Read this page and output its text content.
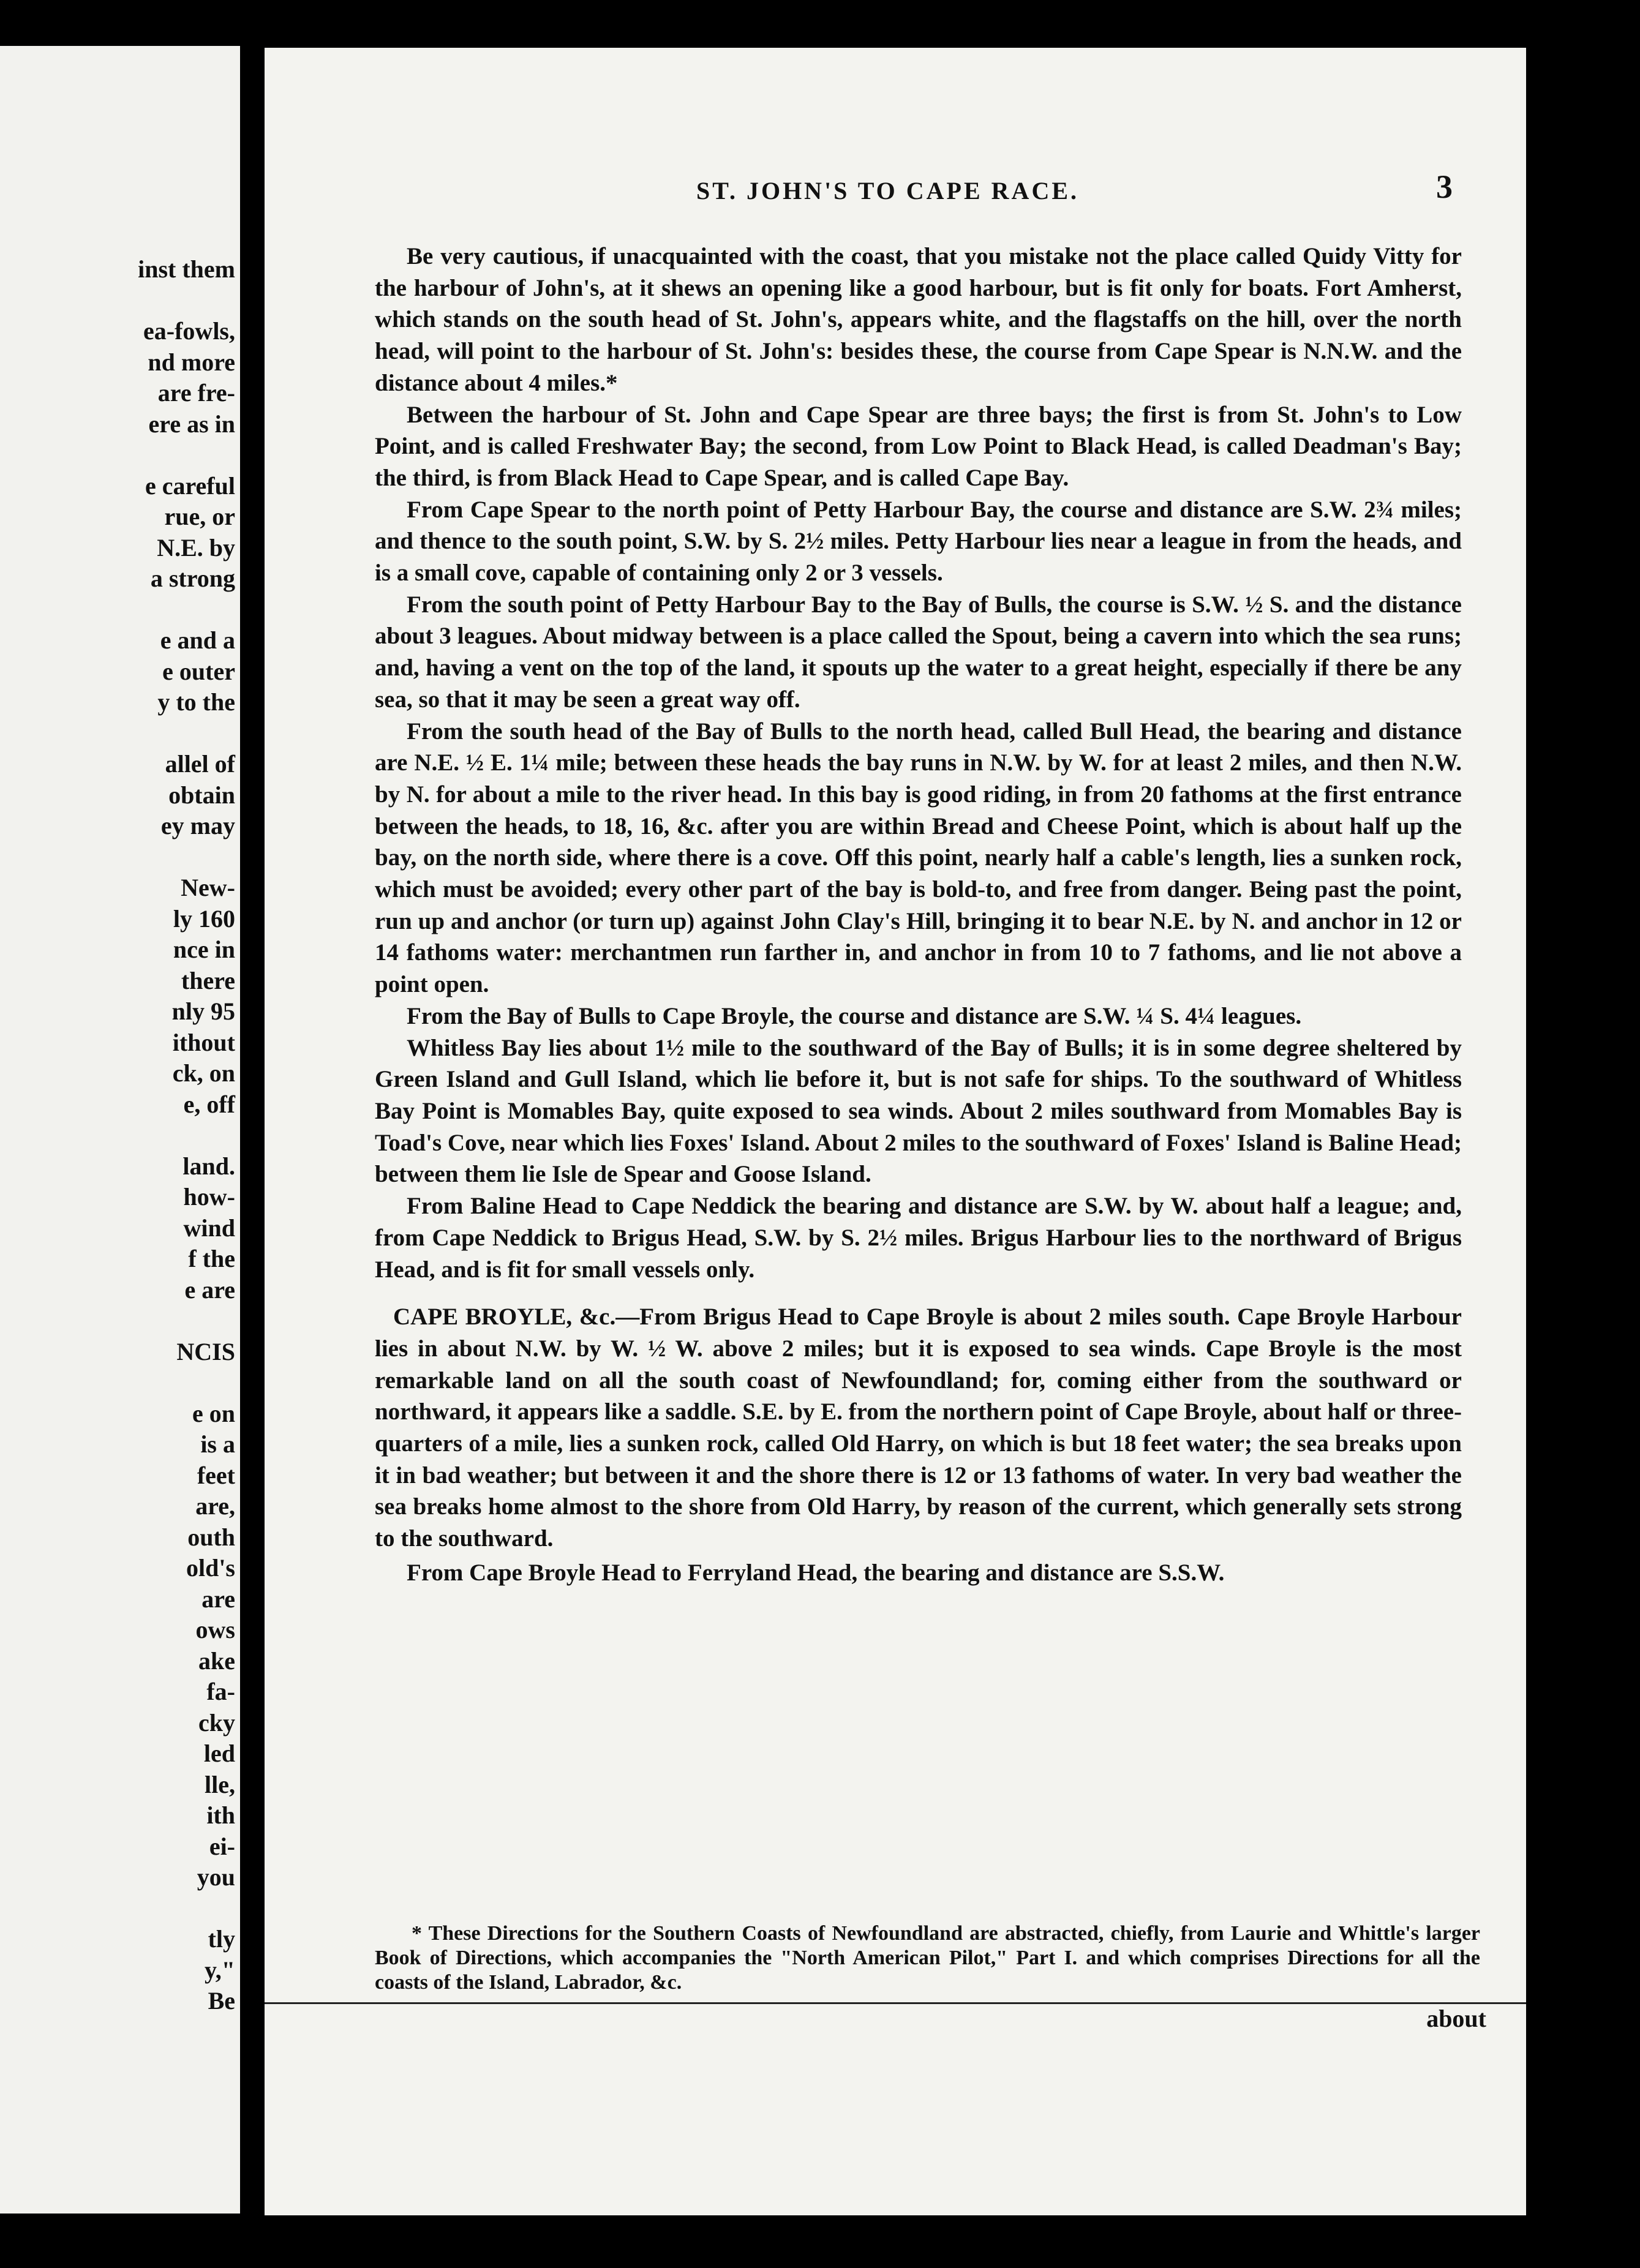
inst them
ea-fowls,
nd more
are fre-
ere as in
e careful
rue, or
N.E. by
a strong
e and a
e outer
y to the
allel of
obtain
ey may
New-
ly 160
nce in
there
nly 95
ithout
ck, on
e, off
land.
how-
wind
f the
e are
NCIS
e on
is a
feet
are,
outh
old's
are
ows
ake
fa-
cky
led
lle,
ith
ei-
you
tly
y,"
Be
ST. JOHN'S TO CAPE RACE.	3

Be very cautious, if unacquainted with the coast, that you mistake not the place called Quidy Vitty for the harbour of John's, at it shews an opening like a good harbour, but is fit only for boats. Fort Amherst, which stands on the south head of St. John's, appears white, and the flagstaffs on the hill, over the north head, will point to the harbour of St. John's: besides these, the course from Cape Spear is N.N.W. and the distance about 4 miles.*

Between the harbour of St. John and Cape Spear are three bays; the first is from St. John's to Low Point, and is called Freshwater Bay; the second, from Low Point to Black Head, is called Deadman's Bay; the third, is from Black Head to Cape Spear, and is called Cape Bay.

From Cape Spear to the north point of Petty Harbour Bay, the course and distance are S.W. 2¾ miles; and thence to the south point, S.W. by S. 2½ miles. Petty Harbour lies near a league in from the heads, and is a small cove, capable of containing only 2 or 3 vessels.

From the south point of Petty Harbour Bay to the Bay of Bulls, the course is S.W. ½ S. and the distance about 3 leagues. About midway between is a place called the Spout, being a cavern into which the sea runs; and, having a vent on the top of the land, it spouts up the water to a great height, especially if there be any sea, so that it may be seen a great way off.

From the south head of the Bay of Bulls to the north head, called Bull Head, the bearing and distance are N.E. ½ E. 1¼ mile; between these heads the bay runs in N.W. by W. for at least 2 miles, and then N.W. by N. for about a mile to the river head. In this bay is good riding, in from 20 fathoms at the first entrance between the heads, to 18, 16, &c. after you are within Bread and Cheese Point, which is about half up the bay, on the north side, where there is a cove. Off this point, nearly half a cable's length, lies a sunken rock, which must be avoided; every other part of the bay is bold-to, and free from danger. Being past the point, run up and anchor (or turn up) against John Clay's Hill, bringing it to bear N.E. by N. and anchor in 12 or 14 fathoms water: merchantmen run farther in, and anchor in from 10 to 7 fathoms, and lie not above a point open.

From the Bay of Bulls to Cape Broyle, the course and distance are S.W. ¼ S. 4¼ leagues.

Whitless Bay lies about 1½ mile to the southward of the Bay of Bulls; it is in some degree sheltered by Green Island and Gull Island, which lie before it, but is not safe for ships. To the southward of Whitless Bay Point is Momables Bay, quite exposed to sea winds. About 2 miles southward from Momables Bay is Toad's Cove, near which lies Foxes' Island. About 2 miles to the southward of Foxes' Island is Baline Head; between them lie Isle de Spear and Goose Island.

From Baline Head to Cape Neddick the bearing and distance are S.W. by W. about half a league; and, from Cape Neddick to Brigus Head, S.W. by S. 2½ miles. Brigus Harbour lies to the northward of Brigus Head, and is fit for small vessels only.

CAPE BROYLE, &c.—From Brigus Head to Cape Broyle is about 2 miles south. Cape Broyle Harbour lies in about N.W. by W. ½ W. above 2 miles; but it is exposed to sea winds. Cape Broyle is the most remarkable land on all the south coast of Newfoundland; for, coming either from the southward or northward, it appears like a saddle. S.E. by E. from the northern point of Cape Broyle, about half or three-quarters of a mile, lies a sunken rock, called Old Harry, on which is but 18 feet water; the sea breaks upon it in bad weather; but between it and the shore there is 12 or 13 fathoms of water. In very bad weather the sea breaks home almost to the shore from Old Harry, by reason of the current, which generally sets strong to the southward.

From Cape Broyle Head to Ferryland Head, the bearing and distance are S.S.W.

* These Directions for the Southern Coasts of Newfoundland are abstracted, chiefly, from Laurie and Whittle's larger Book of Directions, which accompanies the "North American Pilot," Part I. and which comprises Directions for all the coasts of the Island, Labrador, &c.

about
